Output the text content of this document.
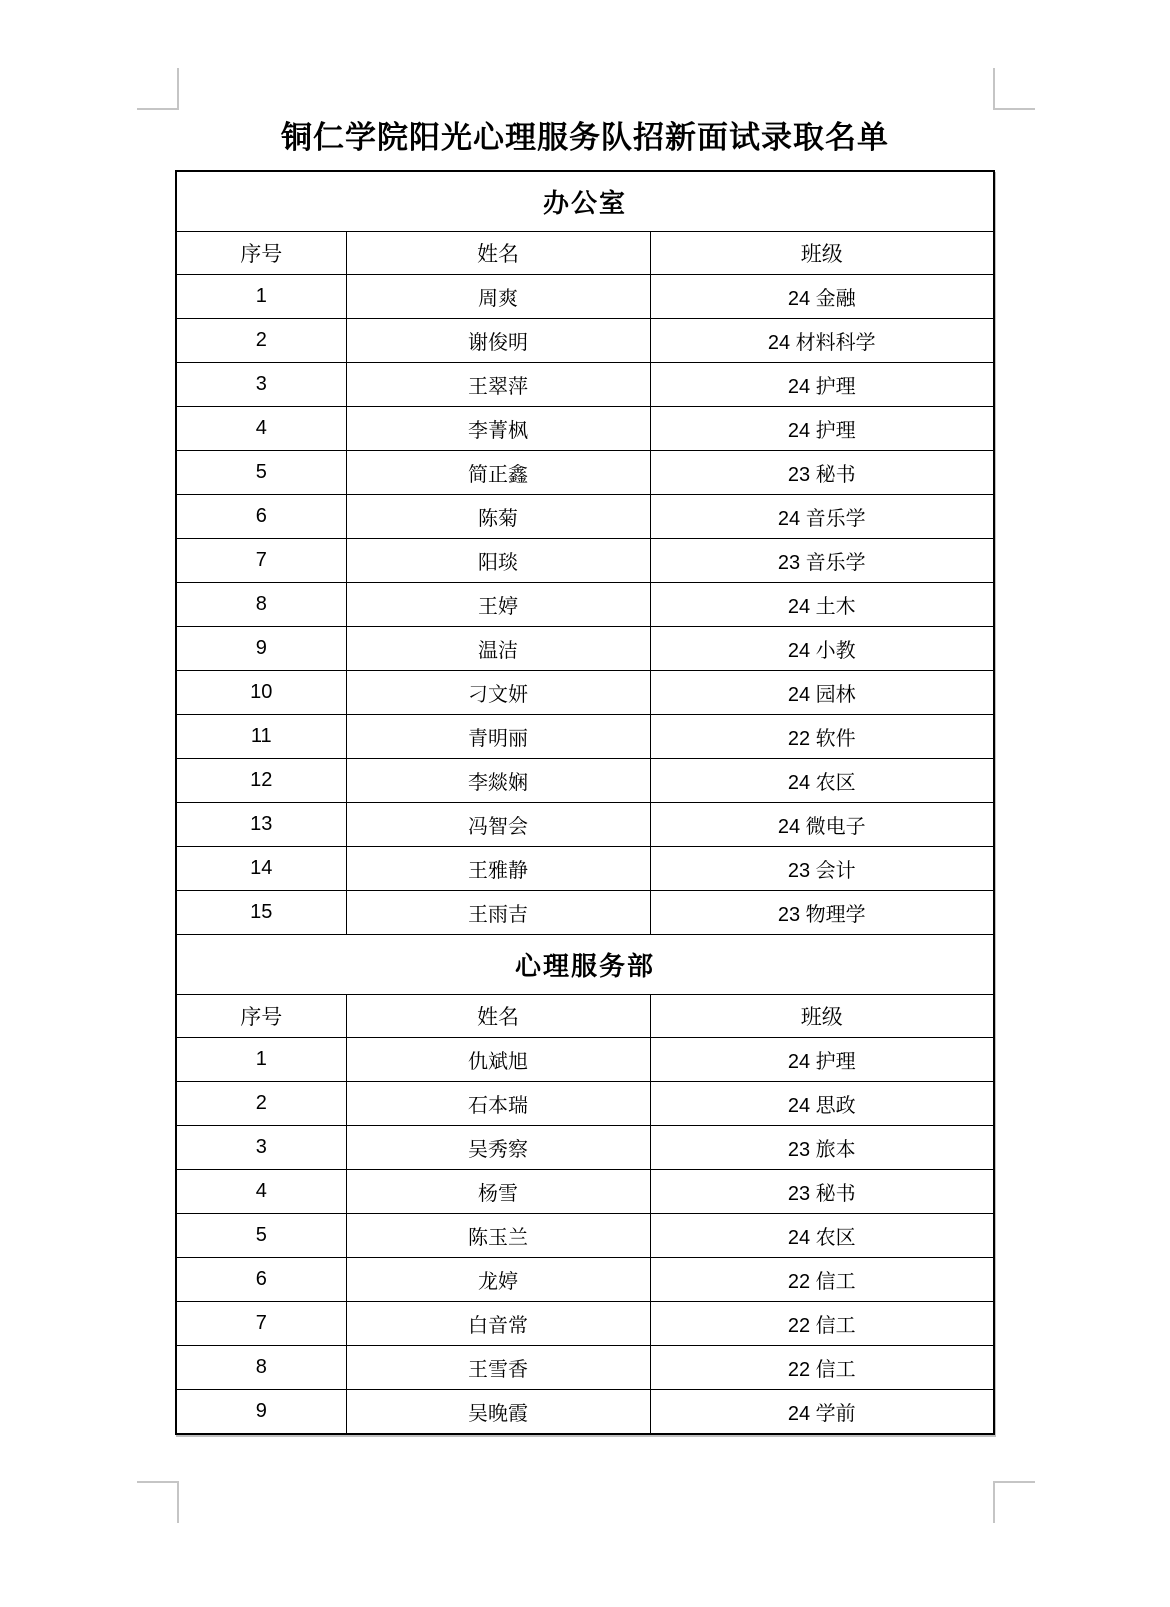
铜仁学院阳光心理服务队招新面试录取名单
办公室		
序号	姓名	班级
1	周爽	24 金融
2	谢俊明	24 材料科学
3	王翠萍	24 护理
4	李菁枫	24 护理
5	简正鑫	23 秘书
6	陈菊	24 音乐学
7	阳琰	23 音乐学
8	王婷	24 土木
9	温洁	24 小教
10	刁文妍	24 园林
11	青明丽	22 软件
12	李燚娴	24 农区
13	冯智会	24 微电子
14	王雅静	23 会计
15	王雨吉	23 物理学
心理服务部		
序号	姓名	班级
1	仇斌旭	24 护理
2	石本瑞	24 思政
3	吴秀察	23 旅本
4	杨雪	23 秘书
5	陈玉兰	24 农区
6	龙婷	22 信工
7	白音常	22 信工
8	王雪香	22 信工
9	吴晚霞	24 学前
